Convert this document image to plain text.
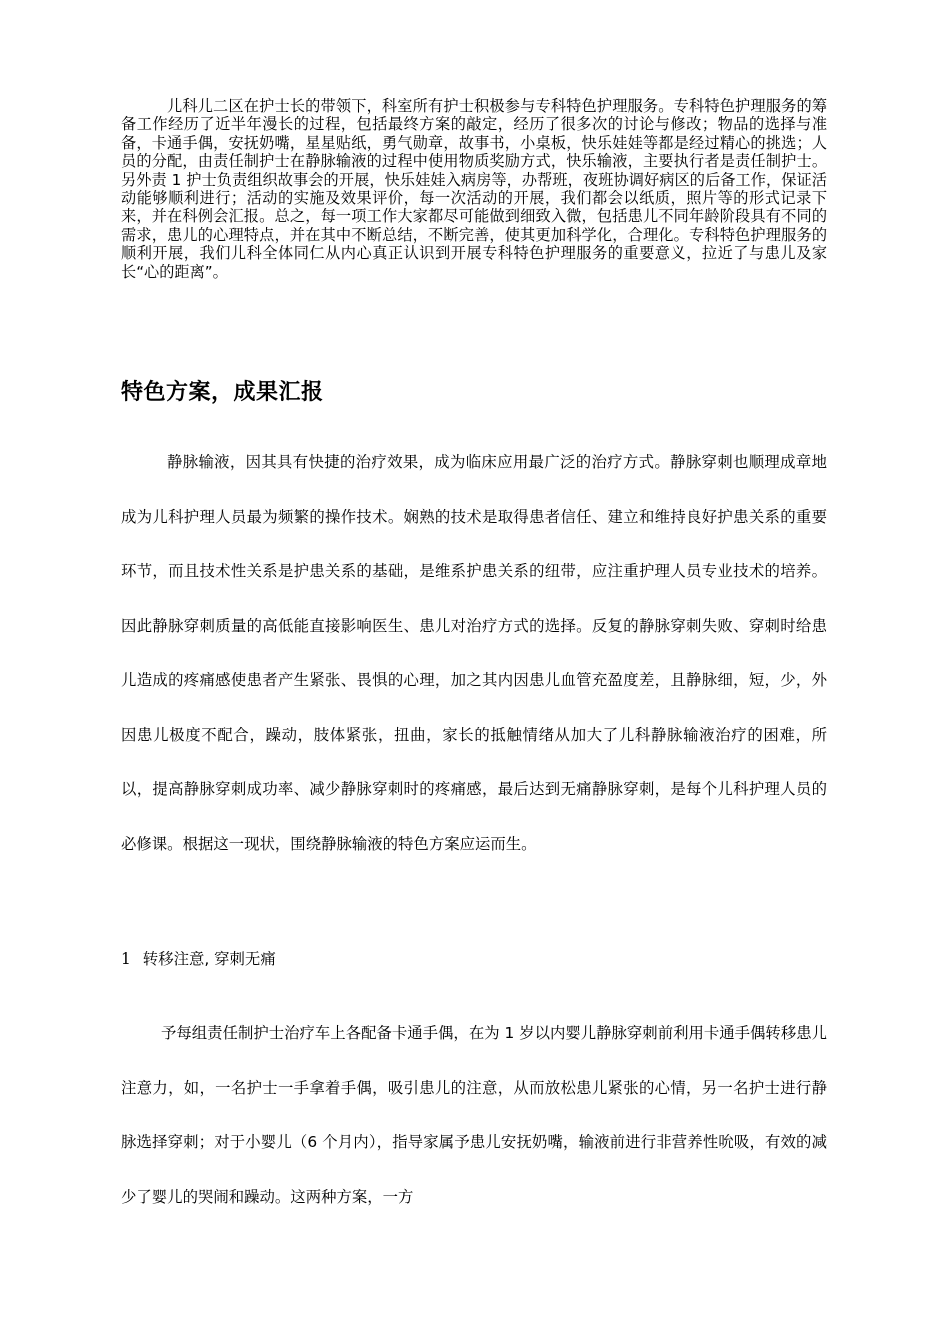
儿科儿二区在护士长的带领下，科室所有护士积极参与专科特色护理服务。专科特色护理服务的筹备工作经历了近半年漫长的过程，包括最终方案的敲定，经历了很多次的讨论与修改；物品的选择与准备，卡通手偶，安抚奶嘴，星星贴纸，勇气勋章，故事书，小桌板，快乐娃娃等都是经过精心的挑选；人员的分配，由责任制护士在静脉输液的过程中使用物质奖励方式，快乐输液，主要执行者是责任制护士。另外责 1 护士负责组织故事会的开展，快乐娃娃入病房等，办帮班，夜班协调好病区的后备工作，保证活动能够顺利进行；活动的实施及效果评价，每一次活动的开展，我们都会以纸质，照片等的形式记录下来，并在科例会汇报。总之，每一项工作大家都尽可能做到细致入微，包括患儿不同年龄阶段具有不同的需求，患儿的心理特点，并在其中不断总结，不断完善，使其更加科学化，合理化。专科特色护理服务的顺利开展，我们儿科全体同仁从内心真正认识到开展专科特色护理服务的重要意义，拉近了与患儿及家长“心的距离”。

特色方案，成果汇报

静脉输液，因其具有快捷的治疗效果，成为临床应用最广泛的治疗方式。静脉穿刺也顺理成章地成为儿科护理人员最为频繁的操作技术。娴熟的技术是取得患者信任、建立和维持良好护患关系的重要环节，而且技术性关系是护患关系的基础，是维系护患关系的纽带，应注重护理人员专业技术的培养。因此静脉穿刺质量的高低能直接影响医生、患儿对治疗方式的选择。反复的静脉穿刺失败、穿刺时给患儿造成的疼痛感使患者产生紧张、畏惧的心理，加之其内因患儿血管充盈度差，且静脉细，短，少，外因患儿极度不配合，躁动，肢体紧张，扭曲，家长的抵触情绪从加大了儿科静脉输液治疗的困难，所以，提高静脉穿刺成功率、减少静脉穿刺时的疼痛感，最后达到无痛静脉穿刺，是每个儿科护理人员的必修课。根据这一现状，围绕静脉输液的特色方案应运而生。

1 转移注意, 穿刺无痛

予每组责任制护士治疗车上各配备卡通手偶，在为 1 岁以内婴儿静脉穿刺前利用卡通手偶转移患儿注意力，如，一名护士一手拿着手偶，吸引患儿的注意，从而放松患儿紧张的心情，另一名护士进行静脉选择穿刺；对于小婴儿（6 个月内），指导家属予患儿安抚奶嘴，输液前进行非营养性吮吸，有效的减少了婴儿的哭闹和躁动。这两种方案，一方
